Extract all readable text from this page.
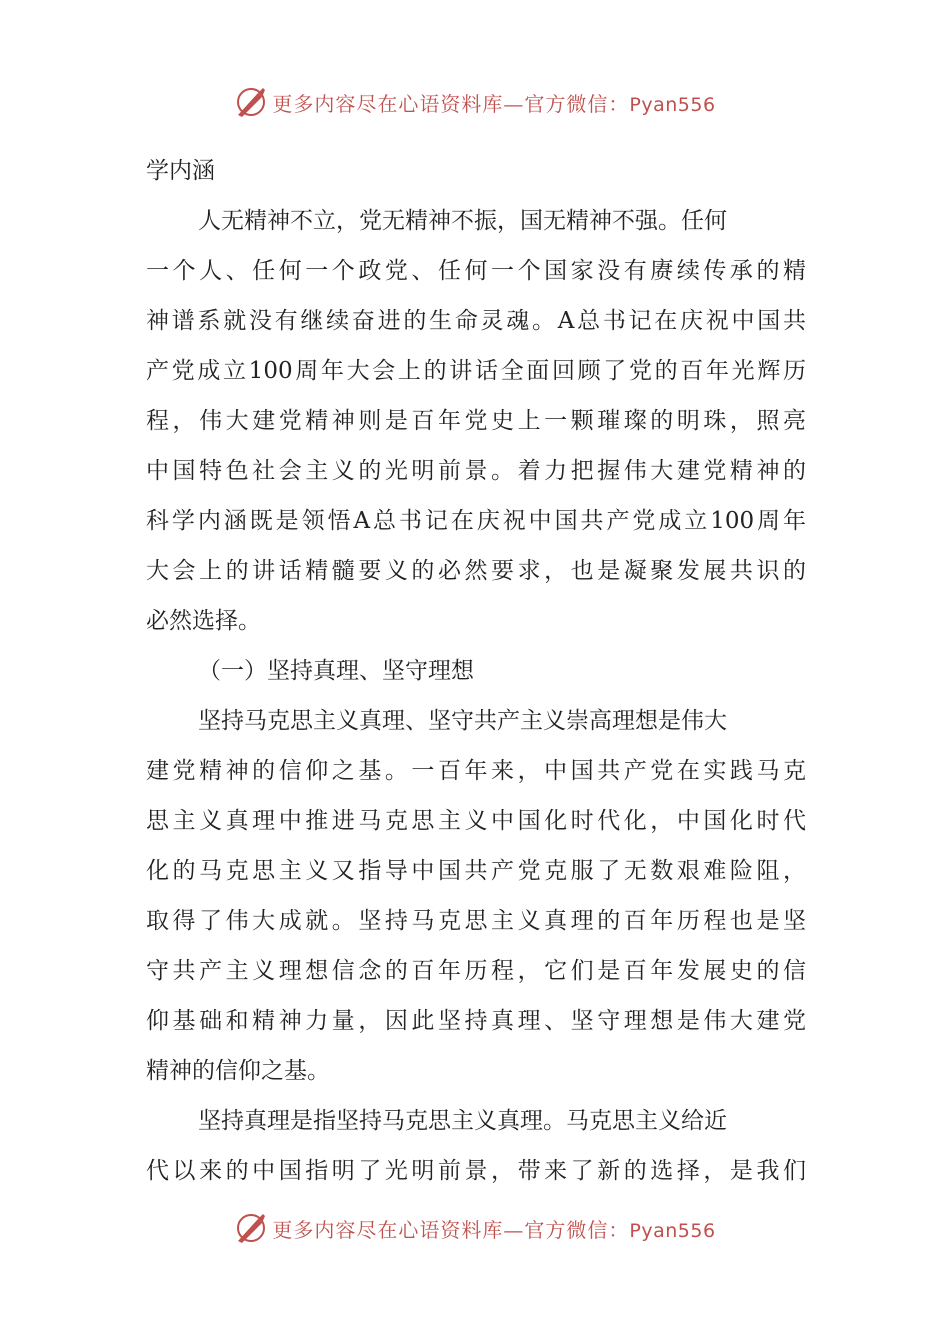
更多内容尽在心语资料库—官方微信：Pyan556
学内涵
人无精神不立，党无精神不振，国无精神不强。任何
一个人、任何一个政党、任何一个国家没有赓续传承的精
神谱系就没有继续奋进的生命灵魂。A总书记在庆祝中国共
产党成立100周年大会上的讲话全面回顾了党的百年光辉历
程，伟大建党精神则是百年党史上一颗璀璨的明珠，照亮
中国特色社会主义的光明前景。着力把握伟大建党精神的
科学内涵既是领悟A总书记在庆祝中国共产党成立100周年
大会上的讲话精髓要义的必然要求，也是凝聚发展共识的
必然选择。
（一）坚持真理、坚守理想
坚持马克思主义真理、坚守共产主义崇高理想是伟大
建党精神的信仰之基。一百年来，中国共产党在实践马克
思主义真理中推进马克思主义中国化时代化，中国化时代
化的马克思主义又指导中国共产党克服了无数艰难险阻，
取得了伟大成就。坚持马克思主义真理的百年历程也是坚
守共产主义理想信念的百年历程，它们是百年发展史的信
仰基础和精神力量，因此坚持真理、坚守理想是伟大建党
精神的信仰之基。
坚持真理是指坚持马克思主义真理。马克思主义给近
代以来的中国指明了光明前景，带来了新的选择，是我们
更多内容尽在心语资料库—官方微信：Pyan556
